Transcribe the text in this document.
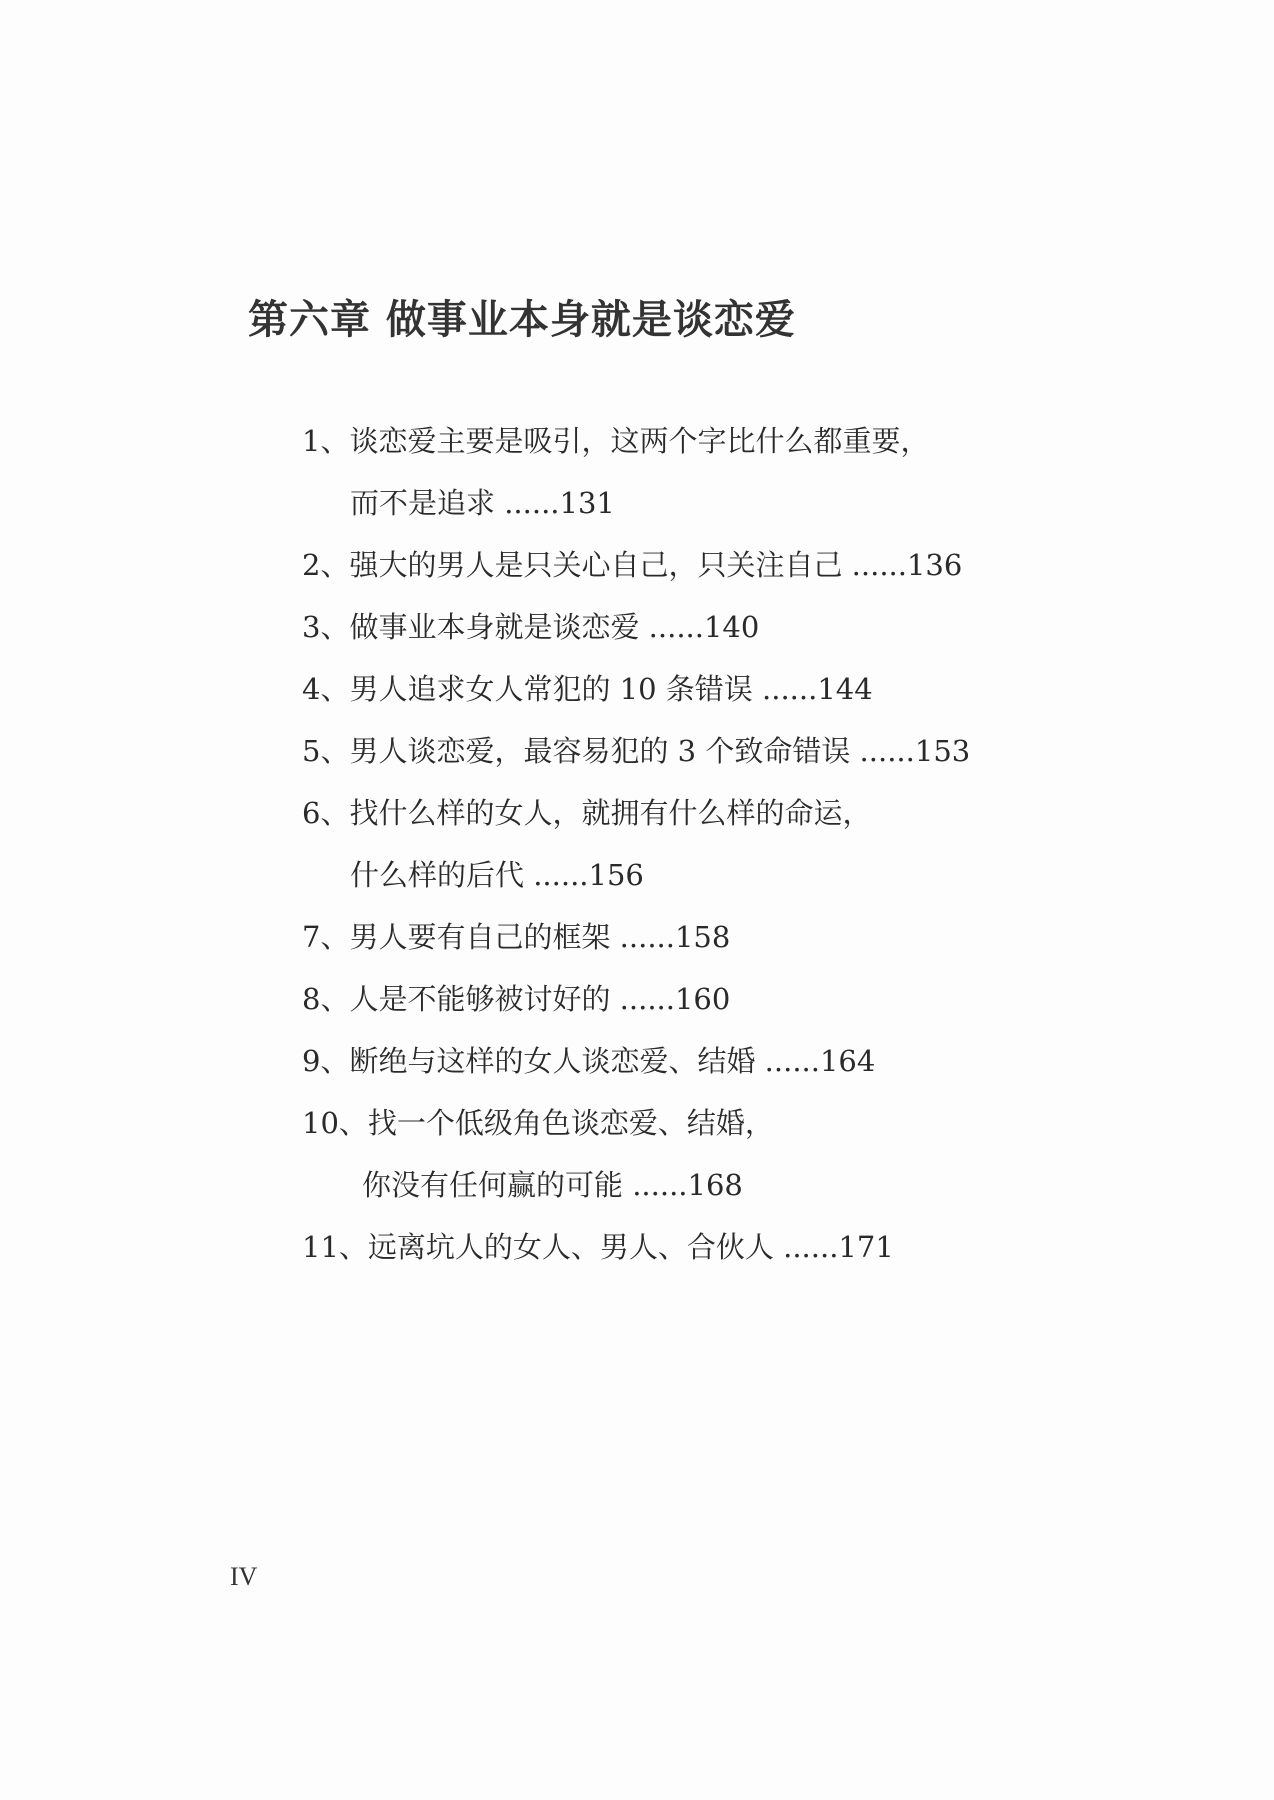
第六章 做事业本身就是谈恋爱
1、谈恋爱主要是吸引，这两个字比什么都重要，
而不是追求 ......131
2、强大的男人是只关心自己，只关注自己 ......136
3、做事业本身就是谈恋爱 ......140
4、男人追求女人常犯的 10 条错误 ......144
5、男人谈恋爱，最容易犯的 3 个致命错误 ......153
6、找什么样的女人，就拥有什么样的命运，
什么样的后代 ......156
7、男人要有自己的框架 ......158
8、人是不能够被讨好的 ......160
9、断绝与这样的女人谈恋爱、结婚 ......164
10、找一个低级角色谈恋爱、结婚，
你没有任何赢的可能 ......168
11、远离坑人的女人、男人、合伙人 ......171
IV
